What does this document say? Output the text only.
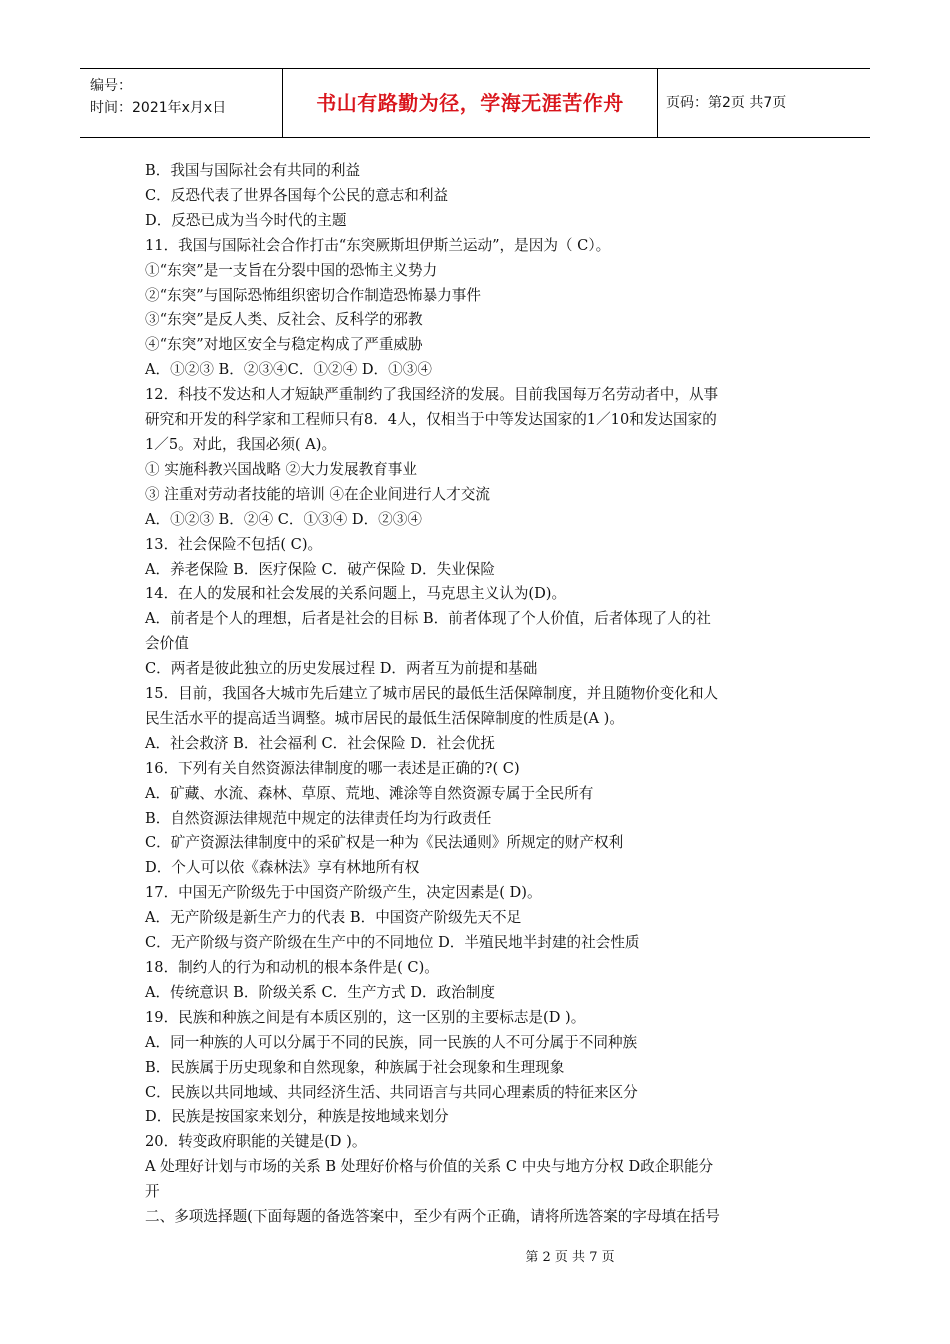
编号：
时间：2021年x月x日	书山有路勤为径，学海无涯苦作舟	页码：第2页 共7页

B．我国与国际社会有共同的利益

C．反恐代表了世界各国每个公民的意志和利益

D．反恐已成为当今时代的主题

11．我国与国际社会合作打击“东突厥斯坦伊斯兰运动”，是因为（ C）。

①“东突”是一支旨在分裂中国的恐怖主义势力

②“东突”与国际恐怖组织密切合作制造恐怖暴力事件

③“东突”是反人类、反社会、反科学的邪教

④“东突”对地区安全与稳定构成了严重威胁

A．①②③ B．②③④C．①②④ D．①③④

12．科技不发达和人才短缺严重制约了我国经济的发展。目前我国每万名劳动者中，从事

研究和开发的科学家和工程师只有8．4人，仅相当于中等发达国家的1／10和发达国家的

1／5。对此，我国必须( A)。

① 实施科教兴国战略 ②大力发展教育事业

③ 注重对劳动者技能的培训 ④在企业间进行人才交流

A．①②③ B．②④ C．①③④ D．②③④

13．社会保险不包括( C)。

A．养老保险 B．医疗保险 C．破产保险 D．失业保险

14．在人的发展和社会发展的关系问题上，马克思主义认为(D)。

A．前者是个人的理想，后者是社会的目标 B．前者体现了个人价值，后者体现了人的社

会价值

C．两者是彼此独立的历史发展过程 D．两者互为前提和基础

15．目前，我国各大城市先后建立了城市居民的最低生活保障制度，并且随物价变化和人

民生活水平的提高适当调整。城市居民的最低生活保障制度的性质是(A )。

A．社会救济 B．社会福利 C．社会保险 D．社会优抚

16．下列有关自然资源法律制度的哪一表述是正确的?( C)

A．矿藏、水流、森林、草原、荒地、滩涂等自然资源专属于全民所有

B．自然资源法律规范中规定的法律责任均为行政责任

C．矿产资源法律制度中的采矿权是一种为《民法通则》所规定的财产权利

D．个人可以依《森林法》享有林地所有权

17．中国无产阶级先于中国资产阶级产生，决定因素是( D)。

A．无产阶级是新生产力的代表 B．中国资产阶级先天不足

C．无产阶级与资产阶级在生产中的不同地位 D．半殖民地半封建的社会性质

18．制约人的行为和动机的根本条件是( C)。

A．传统意识 B．阶级关系 C．生产方式 D．政治制度

19．民族和种族之间是有本质区别的，这一区别的主要标志是(D )。

A．同一种族的人可以分属于不同的民族，同一民族的人不可分属于不同种族

B．民族属于历史现象和自然现象，种族属于社会现象和生理现象

C．民族以共同地域、共同经济生活、共同语言与共同心理素质的特征来区分

D．民族是按国家来划分，种族是按地域来划分

20．转变政府职能的关键是(D )。

A 处理好计划与市场的关系 B 处理好价格与价值的关系 C 中央与地方分权 D政企职能分

开

二、多项选择题(下面每题的备选答案中，至少有两个正确，请将所选答案的字母填在括号

第 2 页 共 7 页
